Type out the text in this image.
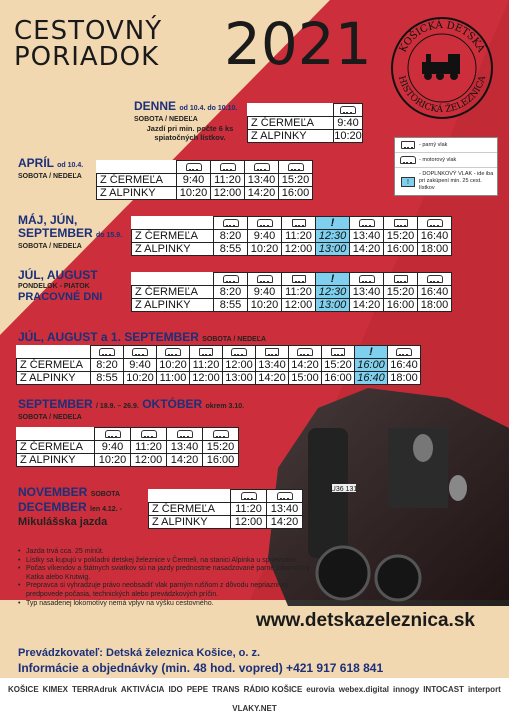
CESTOVNÝ
PORIADOK 2021	KOŠICKÁ DETSKÁ
HISTORICKÁ ŽELEZNICA
DENNE od 10.4. do 10.10.
SOBOTA / NEDEĽA
Jazdí pri min. počte 6 ks spiatočných lístkov.

Z ČERMEĽA	9:40
Z ALPINKY	10:20
- parný vlak
- motorový vlak
!
- DOPLNKOVÝ VLAK - ide iba pri zakúpení min. 25 cest. lístkov
APRÍL od 10.4.
SOBOTA / NEDEĽA
				Z ČERMEĽA	9:40	11:20	13:40	15:20
Z ALPINKY	10:20	12:00	14:20	16:00
MÁJ, JÚN,
SEPTEMBER do 15.9.
SOBOTA / NEDEĽA
				!			
Z ČERMEĽA	8:20	9:40	11:20	12:30	13:40	15:20	16:40
Z ALPINKY	8:55	10:20	12:00	13:00	14:20	16:00	18:00
JÚL, AUGUST
PONDELOK - PIATOK
PRACOVNÉ DNI
				!			
Z ČERMEĽA	8:20	9:40	11:20	12:30	13:40	15:20	16:40
Z ALPINKY	8:55	10:20	12:00	13:00	14:20	16:00	18:00
JÚL, AUGUST a 1. SEPTEMBER SOBOTA / NEDEĽA
									!	
Z ČERMEĽA	8:20	9:40	10:20	11:20	12:00	13:40	14:20	15:20	16:00	16:40
Z ALPINKY	8:55	10:20	11:00	12:00	13:00	14:20	15:00	16:00	16:40	18:00
SEPTEMBER / 18.9. – 26.9. OKTÓBER okrem 3.10.
SOBOTA / NEDEĽA

Z ČERMEĽA	9:40	11:20	13:40	15:20
Z ALPINKY	10:20	12:00	14:20	16:00
U36 131
NOVEMBER SOBOTA
DECEMBER len 4.12. -
Mikulášska jazda

Z ČERMEĽA	11:20	13:40
Z ALPINKY	12:00	14:20
• Jazda trvá cca. 25 minút.
• Lístky sa kupujú v pokladni detskej železnice v Čermeli, na stanici Alpinka u sprievodcu.
• Počas víkendov a štátnych sviatkov sú na jazdy prednostne nasadzované parné lokomotívy Katka alebo Krutwig.
• Prepravca si vyhradzuje právo neobsadiť vlak parným rušňom z dôvodu nepriaznivej predpovede počasia, technických alebo prevádzkových príčin.
• Typ nasadenej lokomotívy nemá vplyv na výšku cestovného.
www.detskazeleznica.sk
Prevádzkovateľ: Detská železnica Košice, o. z.
Informácie a objednávky (min. 48 hod. vopred) +421 917 618 841
KOŠICE KIMEX TERRAdruk AKTIVÁCIA IDO PEPE TRANS RÁDIO KOŠICE eurovia webex.digital innogy INTOCAST interport
VLAKY.NET
